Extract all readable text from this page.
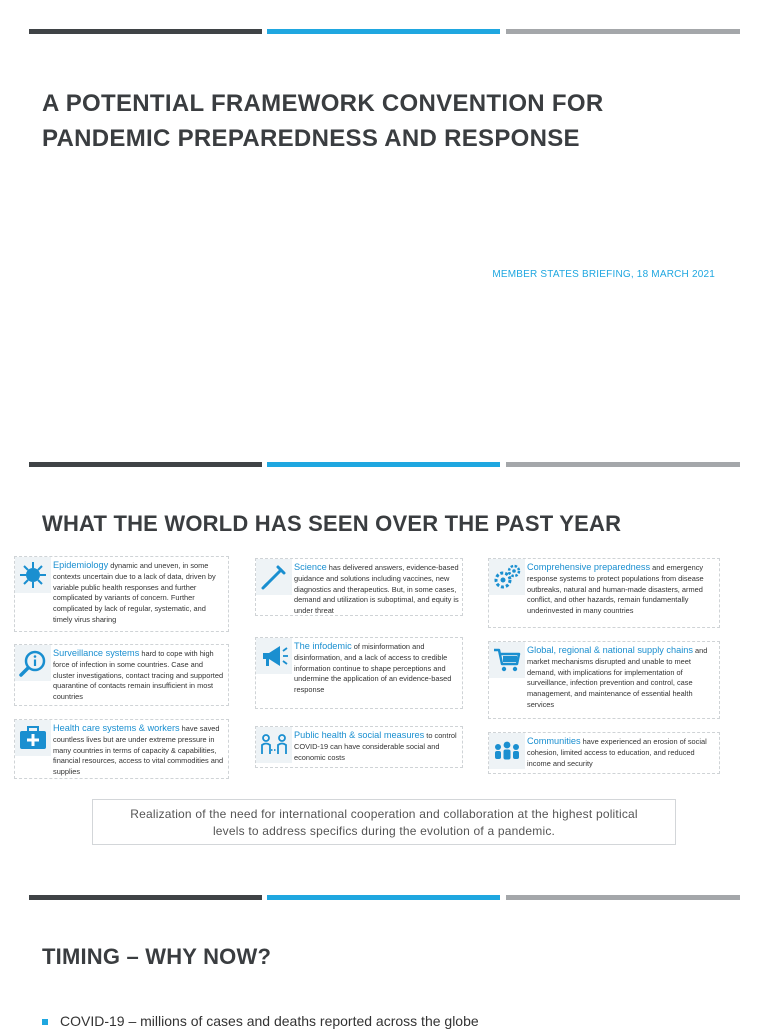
A POTENTIAL FRAMEWORK CONVENTION FOR
PANDEMIC PREPAREDNESS AND RESPONSE

MEMBER STATES BRIEFING, 18 MARCH 2021

WHAT THE WORLD HAS SEEN OVER THE PAST YEAR
Epidemiology dynamic and uneven, in some contexts uncertain due to a lack of data, driven by variable public health responses and further complicated by variants of concern. Further complicated by lack of regular, systematic, and timely virus sharing
Science has delivered answers, evidence-based guidance and solutions including vaccines, new diagnostics and therapeutics. But, in some cases, demand and utilization is suboptimal, and equity is under threat
Comprehensive preparedness and emergency response systems to protect populations from disease outbreaks, natural and human-made disasters, armed conflict, and other hazards, remain fundamentally underinvested in many countries
Surveillance systems hard to cope with high force of infection in some countries. Case and cluster investigations, contact tracing and supported quarantine of contacts remain insufficient in most countries
The infodemic of misinformation and disinformation, and a lack of access to credible information continue to shape perceptions and undermine the application of an evidence-based response
Global, regional & national supply chains and market mechanisms disrupted and unable to meet demand, with implications for implementation of surveillance, infection prevention and control, case management, and maintenance of essential health services
Health care systems & workers have saved countless lives but are under extreme pressure in many countries in terms of capacity & capabilities, financial resources, access to vital commodities and supplies
Public health & social measures to control COVID-19 can have considerable social and economic costs
Communities have experienced an erosion of social cohesion, limited access to education, and reduced income and security
Realization of the need for international cooperation and collaboration at the highest political
levels to address specifics during the evolution of a pandemic.
TIMING – WHY NOW?
COVID-19 – millions of cases and deaths reported across the globe
